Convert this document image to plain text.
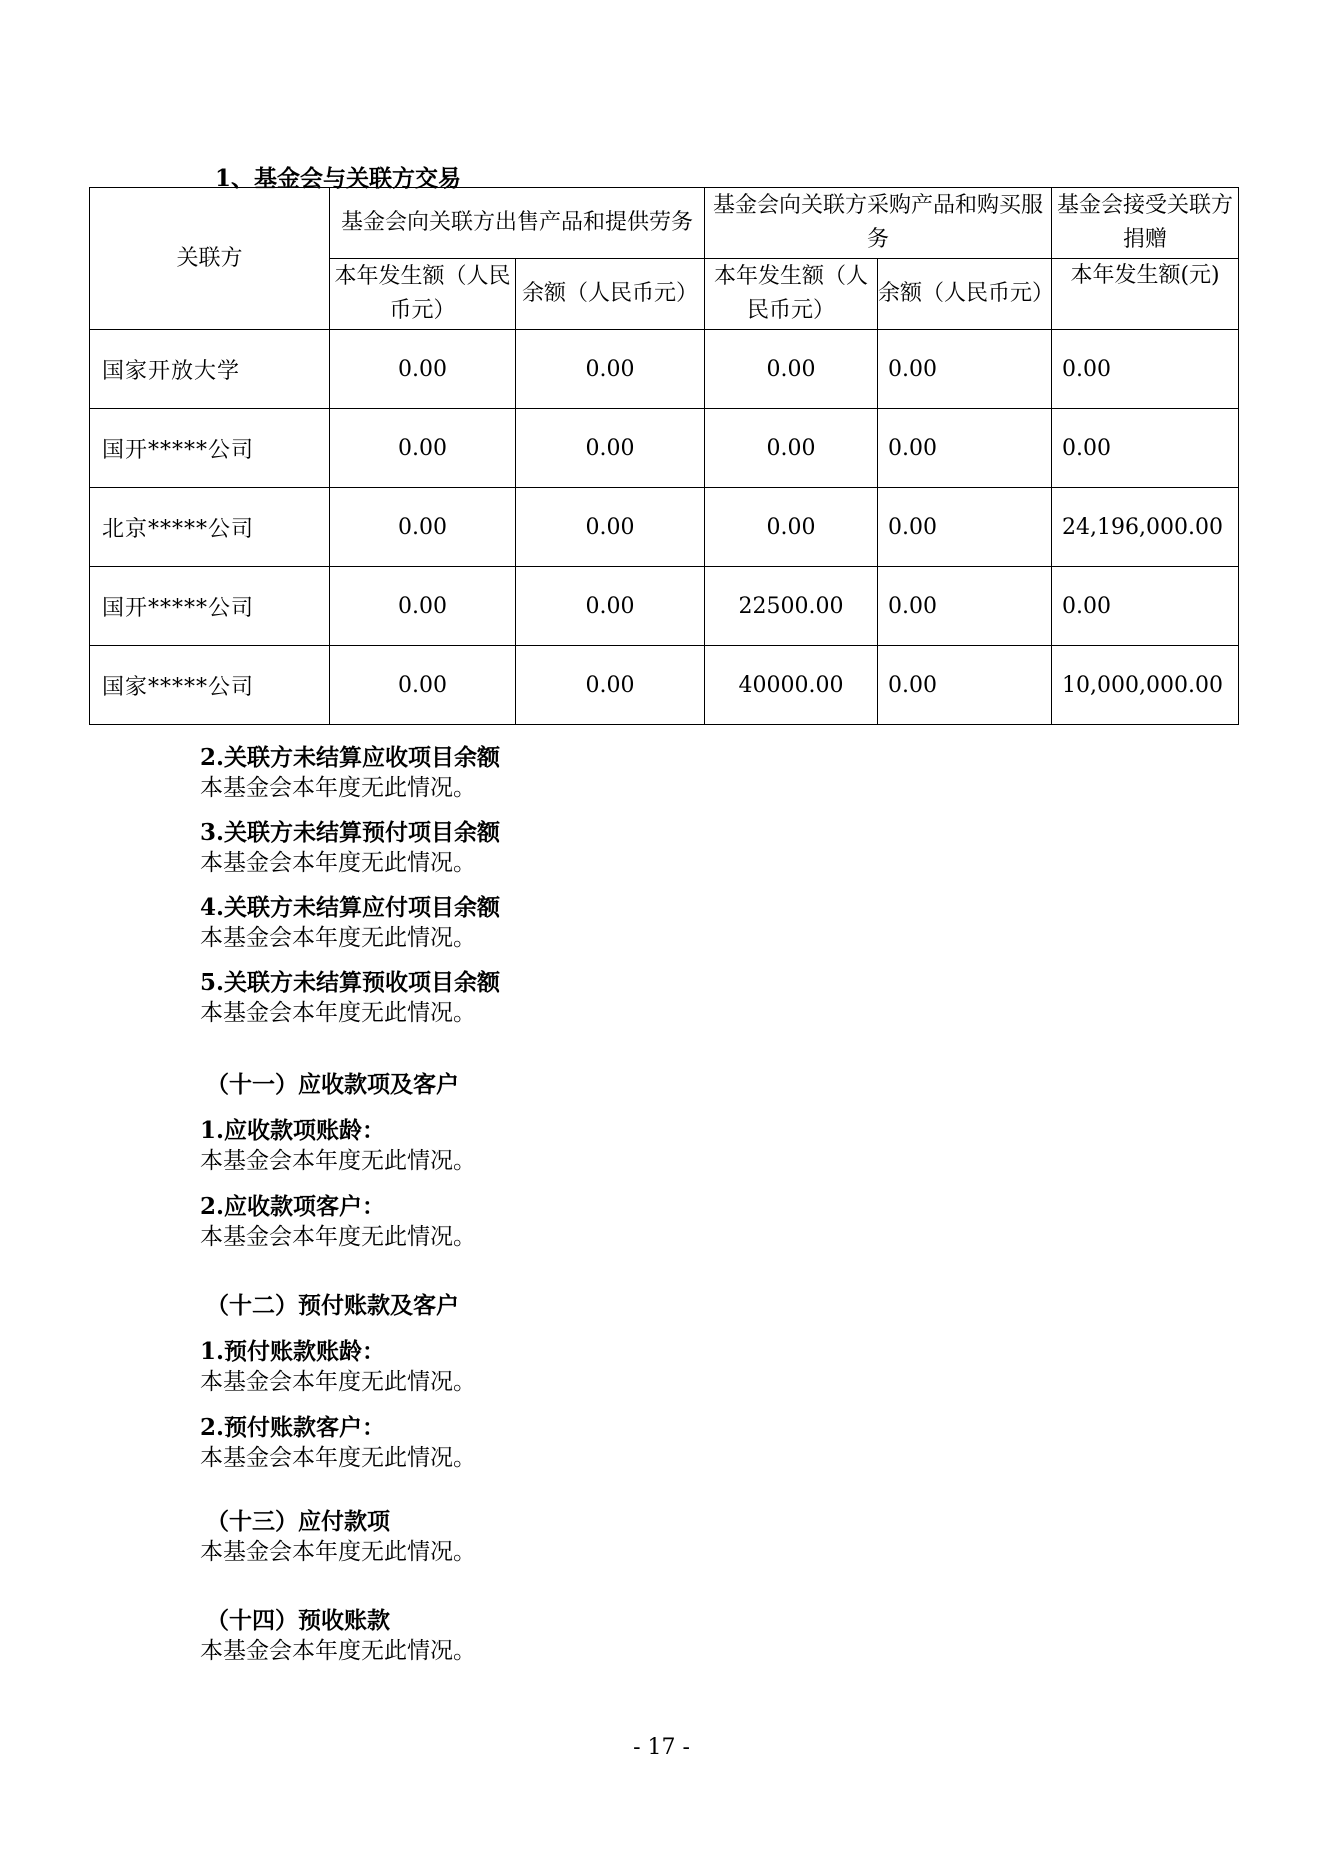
1、基金会与关联方交易

关联方	基金会向关联方出售产品和提供劳务		基金会向关联方采购产品和购买服务		基金会接受关联方捐赠
	本年发生额（人民币元）	余额（人民币元）	本年发生额（人民币元）	余额（人民币元）	本年发生额(元)
国家开放大学	0.00	0.00	0.00	0.00	0.00
国开*****公司	0.00	0.00	0.00	0.00	0.00
北京*****公司	0.00	0.00	0.00	0.00	24,196,000.00
国开*****公司	0.00	0.00	22500.00	0.00	0.00
国家*****公司	0.00	0.00	40000.00	0.00	10,000,000.00
2.关联方未结算应收项目余额
本基金会本年度无此情况。
3.关联方未结算预付项目余额
本基金会本年度无此情况。
4.关联方未结算应付项目余额
本基金会本年度无此情况。
5.关联方未结算预收项目余额
本基金会本年度无此情况。

（十一）应收款项及客户

1.应收款项账龄：
本基金会本年度无此情况。
2.应收款项客户：
本基金会本年度无此情况。

（十二）预付账款及客户

1.预付账款账龄：
本基金会本年度无此情况。
2.预付账款客户：
本基金会本年度无此情况。
（十三）应付款项
本基金会本年度无此情况。
（十四）预收账款
本基金会本年度无此情况。
- 17 -
